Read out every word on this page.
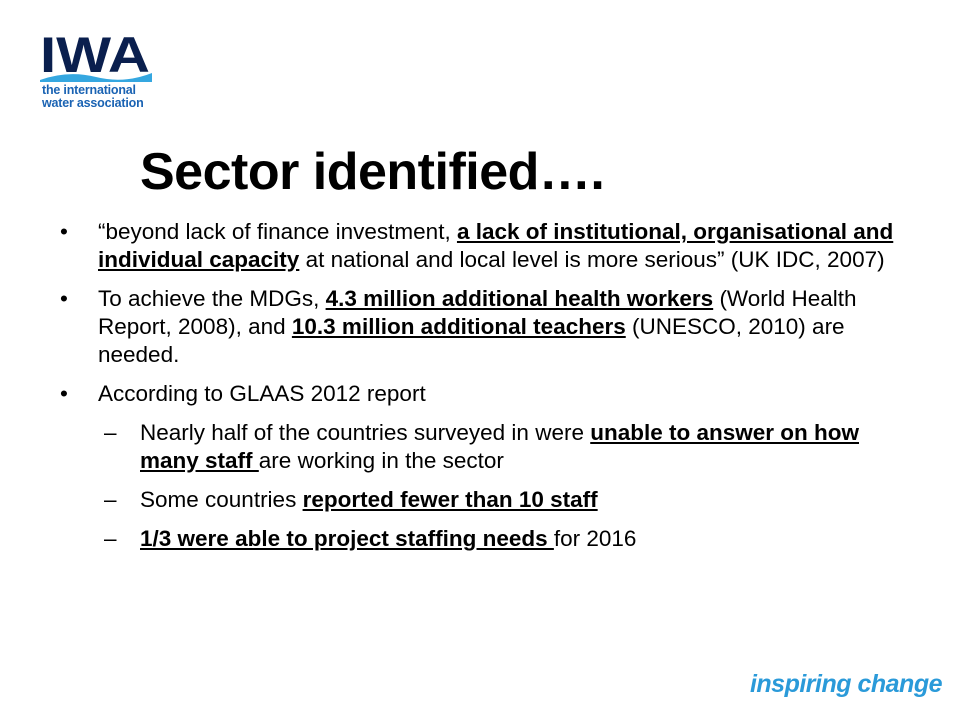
IWA
the international
water association
Sector identified….

• “beyond lack of finance investment, a lack of institutional, organisational and individual capacity at national and local level is more serious” (UK IDC, 2007)

• To achieve the MDGs, 4.3 million additional health workers (World Health Report, 2008), and 10.3 million additional teachers (UNESCO, 2010) are needed.

• According to GLAAS 2012 report

– Nearly half of the countries surveyed in were unable to answer on how many staff are working in the sector

– Some countries reported fewer than 10 staff

– 1/3 were able to project staffing needs for 2016

inspiring change
